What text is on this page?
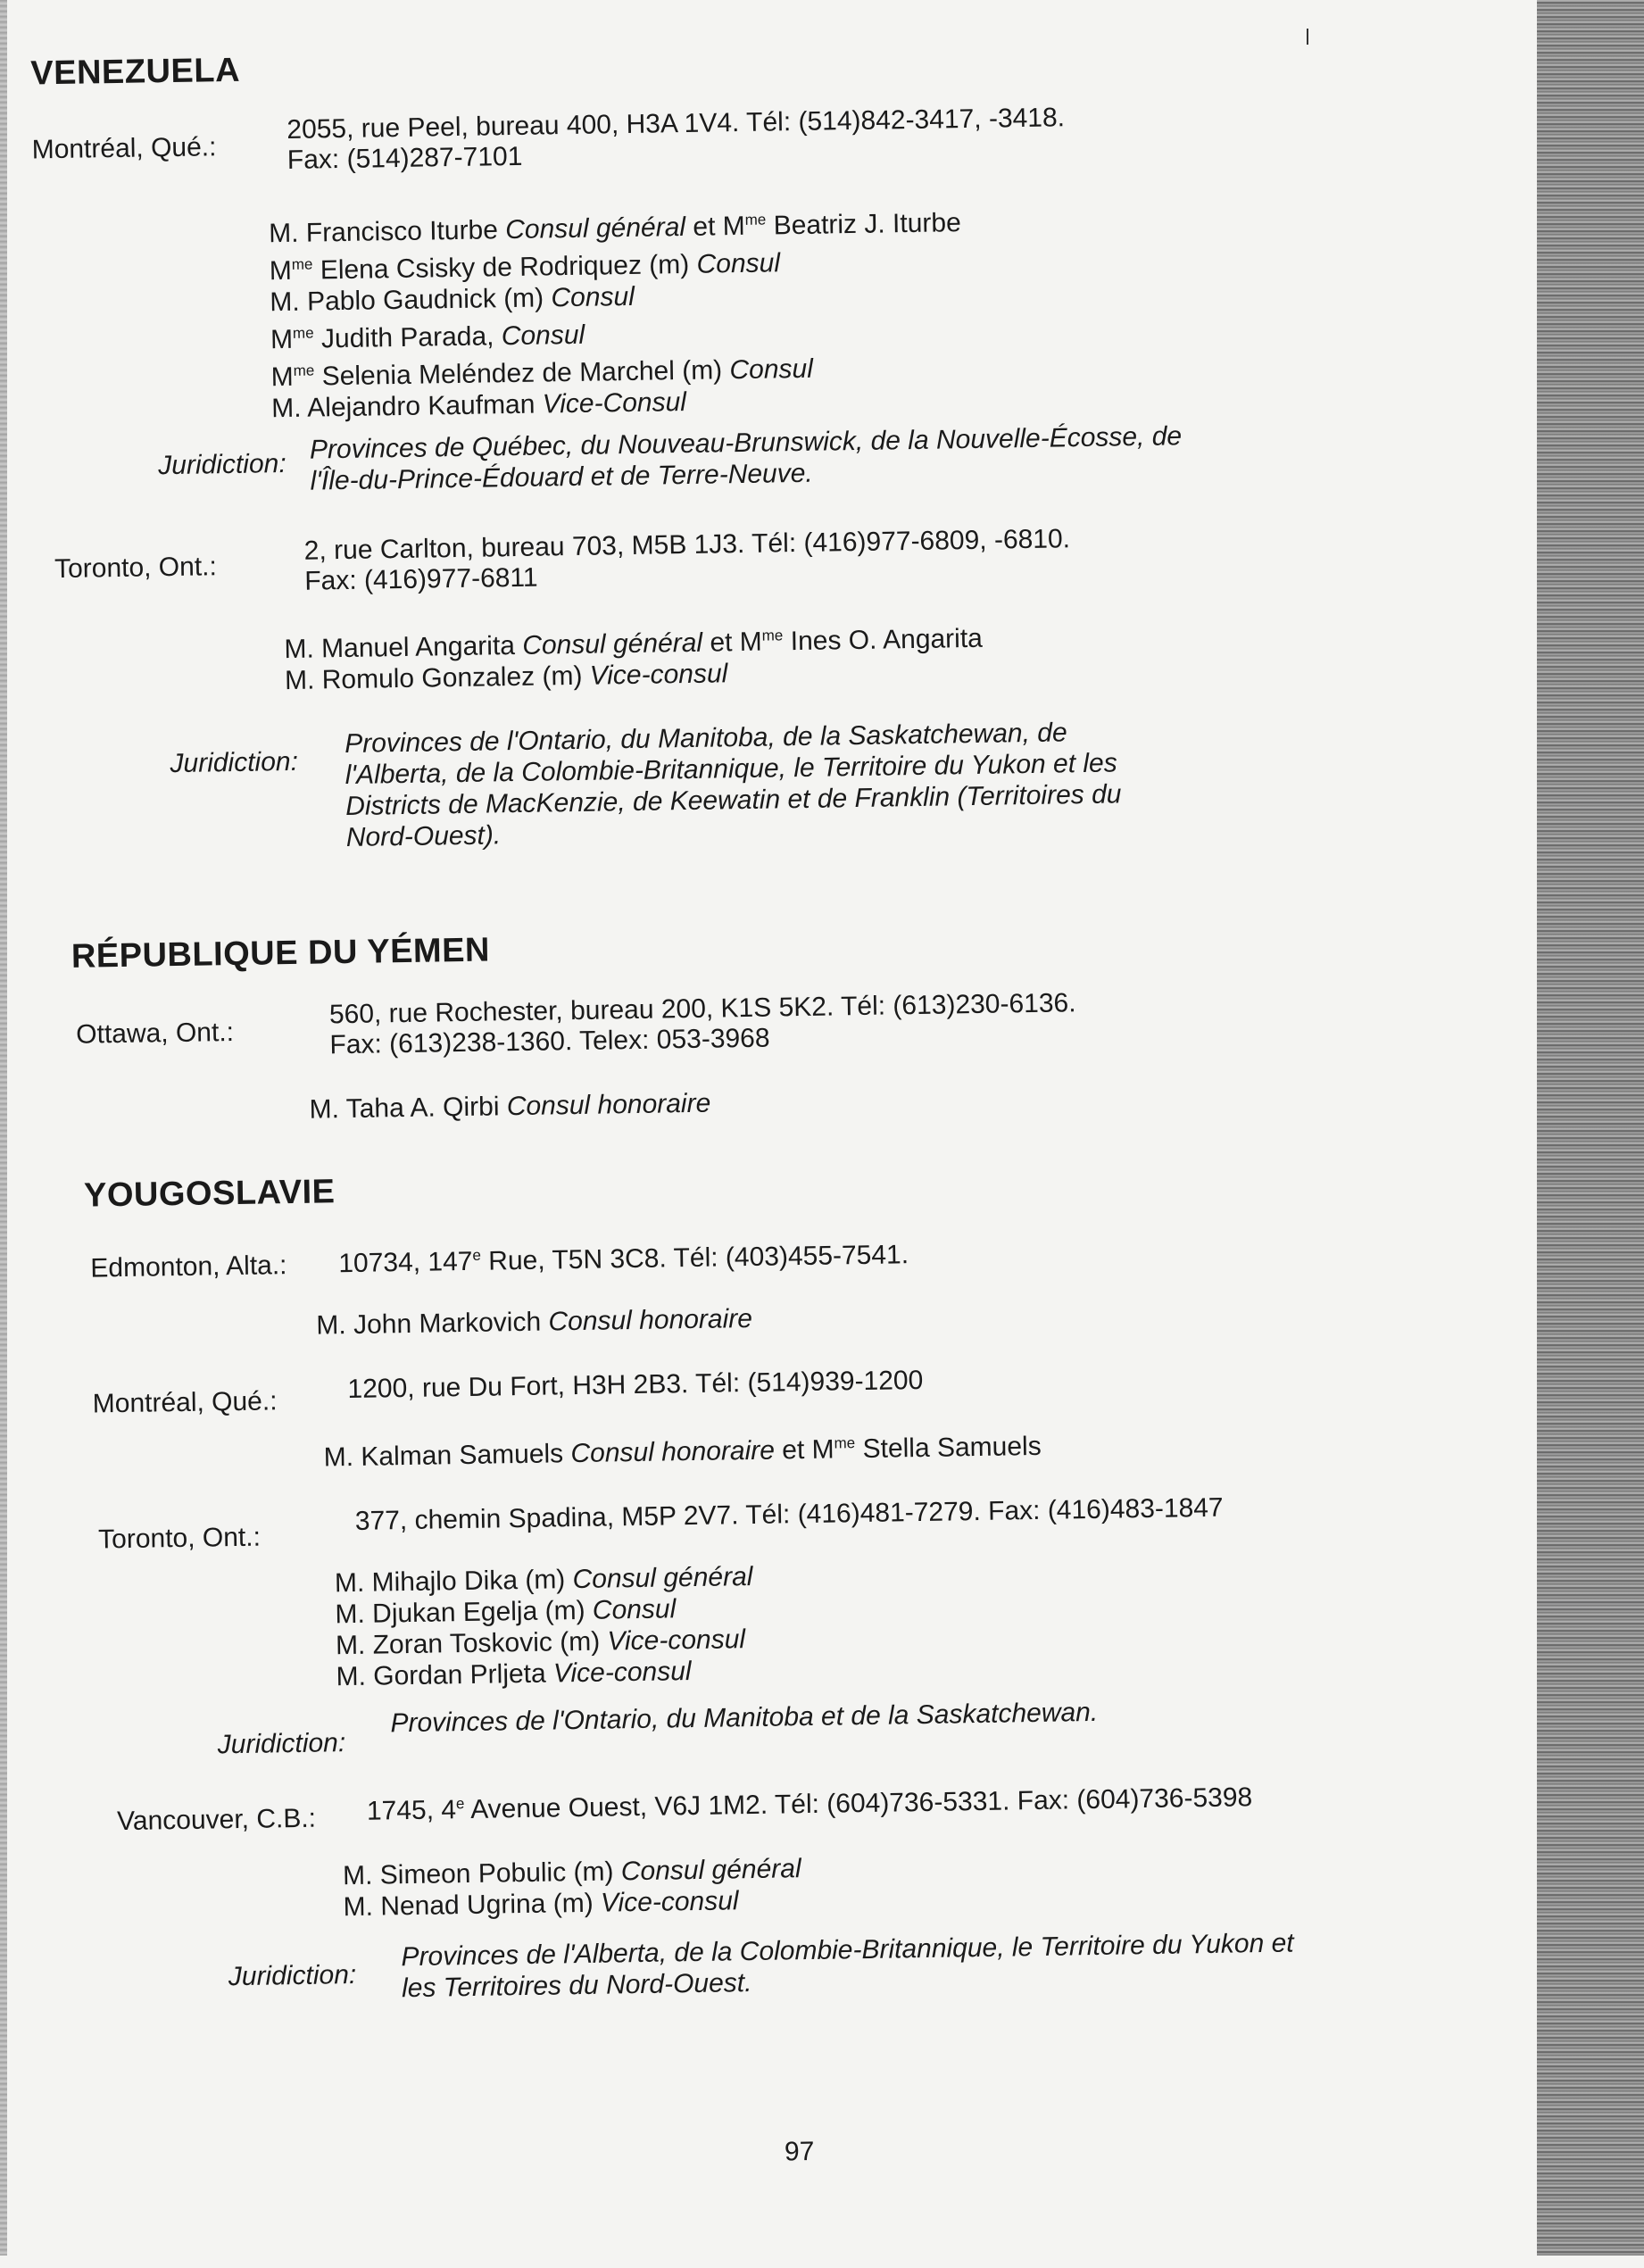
VENEZUELA
Montréal, Qué.:
2055, rue Peel, bureau 400, H3A 1V4. Tél: (514)842-3417, -3418.
Fax: (514)287-7101
M. Francisco Iturbe Consul général et $M^{me}$ Beatriz J. Iturbe
$M^{me}$ Elena Csisky de Rodriquez (m) Consul
M. Pablo Gaudnick (m) Consul
$M^{me}$ Judith Parada, Consul
$M^{me}$ Selenia Meléndez de Marchel (m) Consul
M. Alejandro Kaufman Vice-Consul
Juridiction:
Provinces de Québec, du Nouveau-Brunswick, de la Nouvelle-Écosse, de
l'Île-du-Prince-Édouard et de Terre-Neuve.
Toronto, Ont.:
2, rue Carlton, bureau 703, M5B 1J3. Tél: (416)977-6809, -6810.
Fax: (416)977-6811
M. Manuel Angarita Consul général et $M^{me}$ Ines O. Angarita
M. Romulo Gonzalez (m) Vice-consul
Juridiction:
Provinces de l'Ontario, du Manitoba, de la Saskatchewan, de
l'Alberta, de la Colombie-Britannique, le Territoire du Yukon et les
Districts de MacKenzie, de Keewatin et de Franklin (Territoires du
Nord-Ouest).
RÉPUBLIQUE DU YÉMEN
Ottawa, Ont.:
560, rue Rochester, bureau 200, K1S 5K2. Tél: (613)230-6136.
Fax: (613)238-1360. Telex: 053-3968
M. Taha A. Qirbi Consul honoraire
YOUGOSLAVIE
Edmonton, Alta.: 10734, 147e Rue, T5N 3C8. Tél: (403)455-7541.
M. John Markovich Consul honoraire
Montréal, Qué.:	1200, rue Du Fort, H3H 2B3. Tél: (514)939-1200
M. Kalman Samuels Consul honoraire et $M^{me}$ Stella Samuels
Toronto, Ont.:
377, chemin Spadina, M5P 2V7. Tél: (416)481-7279. Fax: (416)483-1847
M. Mihajlo Dika (m) Consul général
M. Djukan Egelja (m) Consul
M. Zoran Toskovic (m) Vice-consul
M. Gordan Prljeta Vice-consul
Juridiction:
Provinces de l'Ontario, du Manitoba et de la Saskatchewan.
Vancouver, C.B.: 1745, 4e Avenue Ouest, V6J 1M2. Tél: (604)736-5331. Fax: (604)736-5398
M. Simeon Pobulic (m) Consul général
M. Nenad Ugrina (m) Vice-consul
Juridiction:
Provinces de l'Alberta, de la Colombie-Britannique, le Territoire du Yukon et
les Territoires du Nord-Ouest.
97
